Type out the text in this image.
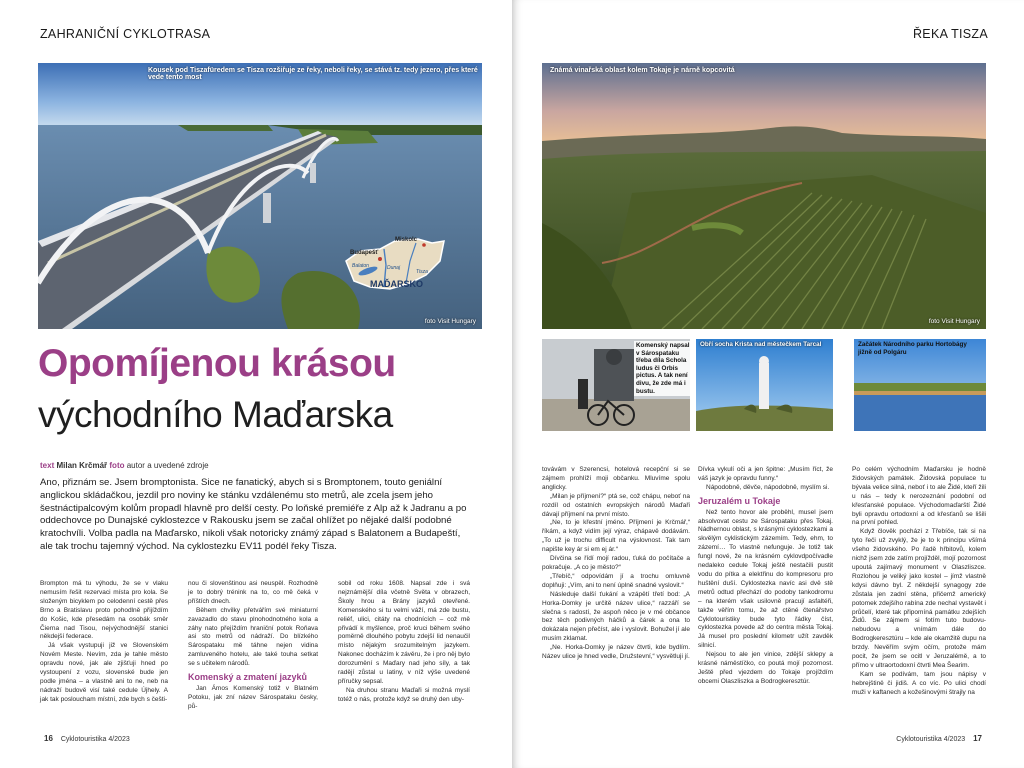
ZAHRANIČNÍ CYKLOTRASA
Kousek pod Tiszafüredem se Tisza rozšiřuje ze řeky, neboli řeky, se stává tz. tedy jezero, přes které vede tento most
foto Visit Hungary
Miskolc
Budapešť
Balaton	Dunaj
Tisza
MAĎARSKO
Opomíjenou krásou
východního Maďarska
text Milan Krčmář foto autor a uvedené zdroje
Ano, přiznám se. Jsem bromptonista. Sice ne fanatický, abych si s Bromptonem, touto geniální anglickou skládačkou, jezdil pro noviny ke stánku vzdálenému sto metrů, ale zcela jsem jeho šestnáctipalcovým kolům propadl hlavně pro delší cesty. Po loňské premiéře z Alp až k Jadranu a po oddechovce po Dunajské cyklostezce v Rakousku jsem se začal ohlížet po nějaké další podobné kratochvíli. Volba padla na Maďarsko, nikoli však notoricky známý západ s Balatonem a Budapeští, ale tak trochu tajemný východ. Na cyklostezku EV11 podél řeky Tisza.

Brompton má tu výhodu, že se v vlaku nemusím řešit rezervaci místa pro kola. Se složeným bicyklem po celodenní cestě přes Brno a Bratislavu proto pohodlně přijíždím do Košic, kde přesedám na osobák směr Čierna nad Tisou, nejvýchodnější stanici někdejší federace.

Já však vystupuji již ve Slovenském Novém Meste. Nevím, zda je tahle město opravdu nové, jak ale zjišťuji hned po vystoupení z vozu, slovenské bude jen podle jména – a vlastně ani to ne, neb na nádraží budově visí také cedule Újhely. A jak tak posloucham místní, zde bych s češti-

nou či slovenštinou asi neuspěl. Rozhodně je to dobrý trénink na to, co mě čeká v příštích dnech.

Během chvilky přetvářím své miniaturní zavazadlo do stavu plnohodnotného kola a záhy nato přejíždím hraniční potok Roňava asi sto metrů od nádraží. Do blízkého Sárospataku mě táhne nejen vidina zamluveného hotelu, ale také touha setkat se s učitelem národů.

Komenský a zmatení jazyků

Jan Ámos Komenský totiž v Blatném Potoku, jak zní název Sárospataku česky, pů-

sobil od roku 1608. Napsal zde i svá nejznámější díla včetně Světa v obrazech, Školy hrou a Brány jazyků otevřené. Komenského si tu velmi váží, má zde bustu, reliéf, ulici, citáty na chodnících – což mě přivádí k myšlence, proč kruci během svého poměrně dlouhého pobytu zdejší lid nenaučil místo nějakým srozumitelným jazykem. Nakonec docházím k závěru, že i pro něj bylo dorozumění s Maďary nad jeho síly, a tak radějí zůstal u latiny, v níž výše uvedené příručky sepsal.

Na druhou stranu Maďaři si možná myslí totéž o nás, protože když se druhý den uby-

16 Cyklotouristika 4/2023
ŘEKA TISZA
Známá vinařská oblast kolem Tokaje je nárně kopcovitá
foto Visit Hungary
Komenský napsal v Sárospataku třeba díla Schola ludus či Orbis pictus. A tak není divu, že zde má i bustu.
Obří socha Krista nad městečkem Tarcal	Začátek Národního parku Hortobágy jižně od Polgáru

továvám v Szerencsi, hotelová recepční si se zájmem prohlíží moji občanku. Mluvíme spolu anglicky.

„Milan je příjmení?“ ptá se, což chápu, neboť na rozdíl od ostatních evropských národů Maďaři dávají příjmení na první místo.

„Ne, to je křestní jméno. Příjmení je Krčmář,“ říkám, a když vidím její výraz, chápavě dodávám. „To už je trochu difficult na výslovnost. Tak tam napište key ár si em ej ár.“

Dívčina se řídí mojí radou, ťuká do počítače a pokračuje. „A co je město?“

„Třebíč,“ odpovídám jí a trochu omluvně doplňuji: „Vím, ani to není úplně snadné vyslovit.“

Následuje další ťukání a vzápětí třetí bod: „A Horka-Domky je určitě název ulice,“ razzáří se slečna s radostí, že aspoň něco je v mé občance bez těch podivných háčků a čárek a ona to dokázala nejen přečíst, ale i vyslovit. Bohužel jí ale musím zklamat.

„Ne. Horka-Domky je název čtvrti, kde bydlím. Název ulice je hned vedle, Družstevní,“ vysvětluji jí.

Dívka vykulí oči a jen špitne: „Musím říct, že váš jazyk je opravdu funny.“

Nápodobně, děvče, nápodobně, myslím si.

Jeruzalém u Tokaje

Než tento hovor ale proběhl, musel jsem absolvovat cestu ze Sárospataku přes Tokaj. Nádhernou oblast, s krásnými cyklostezkami a skvělým cyklistickým zázemím. Tedy, ehm, to zázemí… To vlastně nefunguje. Je totiž tak fungl nové, že na krásném cyklovdpočívadle nedaleko cedule Tokaj ještě nestačili pustit vodu do pítka a elektřinu do kompresoru pro huštění duší. Cyklostezka navíc asi dvě stě metrů odtud přechází do podoby tankodromu – na kterém však usilovně pracují asfaltéři, takže věřím tomu, že až ctěné čtenářstvo Cyklotouristiky bude tyto řádky číst, cyklostezka povede až do centra města Tokaj. Já musel pro poslední kilometr užít zavděk silnicí.

Nejsou to ale jen vinice, zdější sklepy a krásné náměstíčko, co poutá mojí pozornost. Ještě před vjezdem do Tokaje projíždím obcemi Olaszliszka a Bodrogkeresztúr.

Po celém východním Maďarsku je hodně židovských památek. Židovská populace tu bývala velice silná, neboť i to ale Židé, kteří žili u nás – tedy k nerozeznání podobní od křesťanské populace. Východomaďarští Židé byli opravdu ortodoxní a od křesťanů se lišili na první pohled.

Když člověk pochází z Třebíče, tak si na tyto řeči už zvyklý, že je to k principu všímá všeho židovského. Po řadě hřbitovů, kolem nichž jsem zde zatím projížděl, mojí pozornost upoutá zajímavý monument v Olaszliszce. Rozlohou je veliký jako kostel – jímž vlastně kdysi dávno byl. Z někdejší synagogy zde zůstala jen zadní stěna, přičemž americký potomek zdejšího rabína zde nechal vystavět i průčelí, které tak připomíná památku zdejších Židů. Se zájmem si fotím tuto budovu-nebudovu a vnímám dále do Bodrogkeresztúru – kde ale okamžitě dupu na brzdy. Nevěřím svým očím, protože mám pocit, že jsem se ocitl v Jeruzalémě, a to přímo v ultraortodoxní čtvrti Mea Šearim.

Kam se podívám, tam jsou nápisy v hebrejštině či jidiš. A co víc. Po ulici chodí muži v kaftanech a kožešinovými štrajly na

Cyklotouristika 4/2023 17
